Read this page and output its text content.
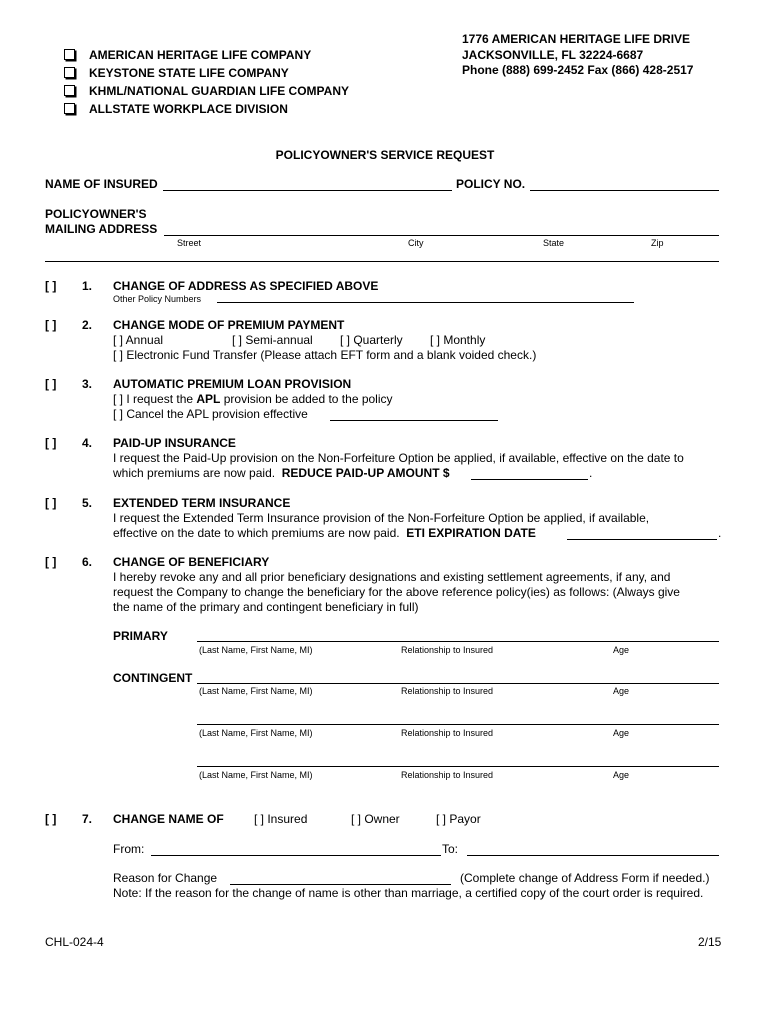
AMERICAN HERITAGE LIFE COMPANY
KEYSTONE STATE LIFE COMPANY
KHML/NATIONAL GUARDIAN LIFE COMPANY
ALLSTATE WORKPLACE DIVISION
1776 AMERICAN HERITAGE LIFE DRIVE
JACKSONVILLE, FL 32224-6687
Phone (888) 699-2452 Fax (866) 428-2517
POLICYOWNER'S SERVICE REQUEST
NAME OF INSURED	POLICY NO.
POLICYOWNER'S
MAILING ADDRESS
Street	City	State	Zip
[ ] 1. CHANGE OF ADDRESS AS SPECIFIED ABOVE
Other Policy Numbers
[ ] 2. CHANGE MODE OF PREMIUM PAYMENT
[ ] Annual	[ ] Semi-annual [ ] Quarterly [ ] Monthly
[ ] Electronic Fund Transfer (Please attach EFT form and a blank voided check.)
[ ] 3. AUTOMATIC PREMIUM LOAN PROVISION
[ ] I request the APL provision be added to the policy
[ ] Cancel the APL provision effective
[ ] 4. PAID-UP INSURANCE
I request the Paid-Up provision on the Non-Forfeiture Option be applied, if available, effective on the date to
which premiums are now paid. REDUCE PAID-UP AMOUNT $	.
[ ] 5. EXTENDED TERM INSURANCE
I request the Extended Term Insurance provision of the Non-Forfeiture Option be applied, if available,
effective on the date to which premiums are now paid. ETI EXPIRATION DATE	.
[ ] 6. CHANGE OF BENEFICIARY
I hereby revoke any and all prior beneficiary designations and existing settlement agreements, if any, and
request the Company to change the beneficiary for the above reference policy(ies) as follows: (Always give
the name of the primary and contingent beneficiary in full)
PRIMARY
(Last Name, First Name, MI)	Relationship to Insured	Age
CONTINGENT
(Last Name, First Name, MI)	Relationship to Insured	Age
(Last Name, First Name, MI)	Relationship to Insured	Age
(Last Name, First Name, MI)	Relationship to Insured	Age
[ ] 7. CHANGE NAME OF	[ ] Insured	[ ] Owner	[ ] Payor
From:	To:
Reason for Change	(Complete change of Address Form if needed.)
Note: If the reason for the change of name is other than marriage, a certified copy of the court order is required.
CHL-024-4	2/15
